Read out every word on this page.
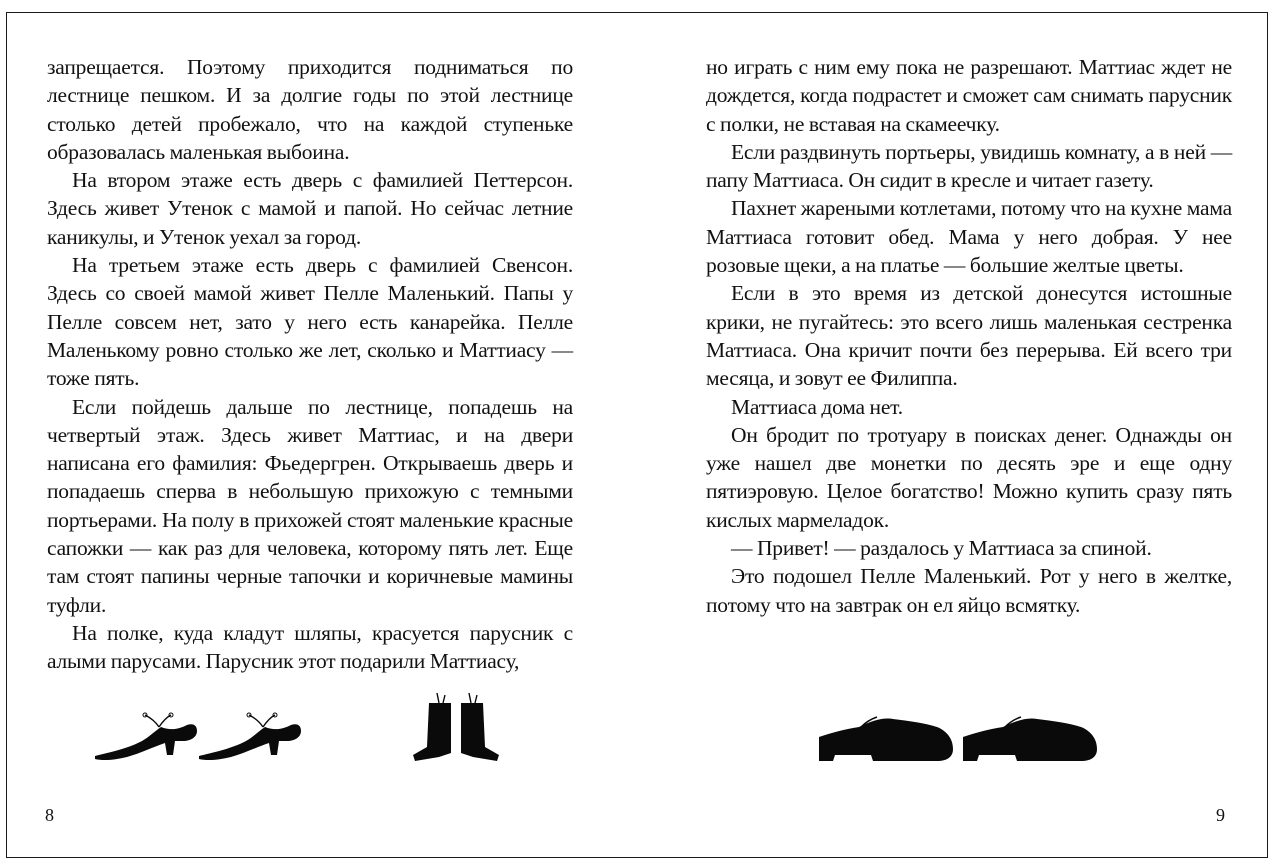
запрещается. Поэтому приходится подниматься по лестнице пешком. И за долгие годы по этой лестнице столько детей пробежало, что на каждой ступеньке образовалась маленькая выбоина.

На втором этаже есть дверь с фамилией Петтерсон. Здесь живет Утенок с мамой и папой. Но сейчас летние каникулы, и Утенок уехал за город.

На третьем этаже есть дверь с фамилией Свенсон. Здесь со своей мамой живет Пелле Маленький. Папы у Пелле совсем нет, зато у него есть канарейка. Пелле Маленькому ровно столько же лет, сколько и Маттиасу — тоже пять.

Если пойдешь дальше по лестнице, попадешь на четвертый этаж. Здесь живет Маттиас, и на двери написана его фамилия: Фьедергрен. Открываешь дверь и попадаешь сперва в небольшую прихожую с темными портьерами. На полу в прихожей стоят маленькие красные сапожки — как раз для человека, которому пять лет. Еще там стоят папины черные тапочки и коричневые мамины туфли.

На полке, куда кладут шляпы, красуется парусник с алыми парусами. Парусник этот подарили Маттиасу,

но играть с ним ему пока не разрешают. Маттиас ждет не дождется, когда подрастет и сможет сам снимать парусник с полки, не вставая на скамеечку.

Если раздвинуть портьеры, увидишь комнату, а в ней — папу Маттиаса. Он сидит в кресле и читает газету.

Пахнет жареными котлетами, потому что на кухне мама Маттиаса готовит обед. Мама у него добрая. У нее розовые щеки, а на платье — большие желтые цветы.

Если в это время из детской донесутся истошные крики, не пугайтесь: это всего лишь маленькая сестренка Маттиаса. Она кричит почти без перерыва. Ей всего три месяца, и зовут ее Филиппа.

Маттиаса дома нет.

Он бродит по тротуару в поисках денег. Однажды он уже нашел две монетки по десять эре и еще одну пятиэровую. Целое богатство! Можно купить сразу пять кислых мармеладок.

— Привет! — раздалось у Маттиаса за спиной.

Это подошел Пелле Маленький. Рот у него в желтке, потому что на завтрак он ел яйцо всмятку.

8	9
